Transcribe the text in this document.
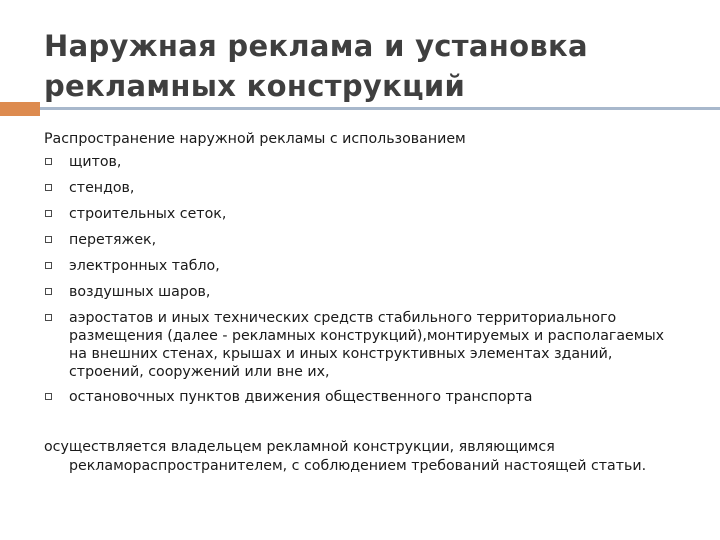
Наружная реклама и установка
рекламных конструкций

Распространение наружной рекламы с использованием

щитов,
стендов,
строительных сеток,
перетяжек,
электронных табло,
воздушных шаров,
аэростатов и иных технических средств стабильного территориального размещения (далее - рекламных конструкций),монтируемых и располагаемых на внешних стенах, крышах и иных конструктивных элементах зданий, строений, сооружений или вне их,
остановочных пунктов движения общественного транспорта

осуществляется владельцем рекламной конструкции, являющимся
рекламораспространителем, с соблюдением требований настоящей статьи.
